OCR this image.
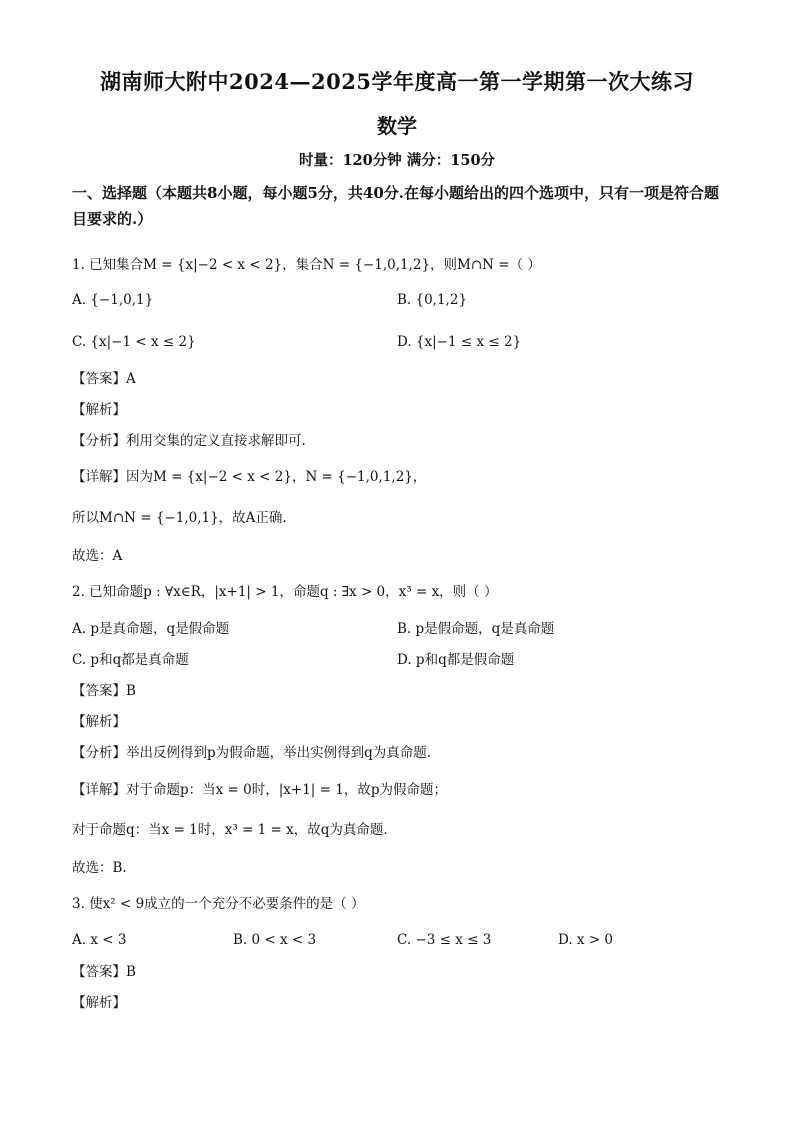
湖南师大附中2024—2025学年度高一第一学期第一次大练习
数学
时量：120分钟 满分：150分
一、选择题（本题共8小题，每小题5分，共40分.在每小题给出的四个选项中，只有一项是符合题目要求的.）
1. 已知集合M = {x|−2 < x < 2}，集合N = {−1,0,1,2}，则M∩N =（ ）
A. {−1,0,1}	B. {0,1,2}
C. {x|−1 < x ≤ 2}	D. {x|−1 ≤ x ≤ 2}
【答案】A
【解析】
【分析】利用交集的定义直接求解即可.
【详解】因为M = {x|−2 < x < 2}，N = {−1,0,1,2}，
所以M∩N = {−1,0,1}，故A正确.
故选：A
2. 已知命题p : ∀x∈R，|x+1| > 1，命题q : ∃x > 0，x³ = x，则（ ）
A. p是真命题，q是假命题	B. p是假命题，q是真命题
C. p和q都是真命题	D. p和q都是假命题
【答案】B
【解析】
【分析】举出反例得到p为假命题，举出实例得到q为真命题.
【详解】对于命题p：当x = 0时，|x+1| = 1，故p为假命题；
对于命题q：当x = 1时，x³ = 1 = x，故q为真命题.
故选：B.
3. 使x² < 9成立的一个充分不必要条件的是（ ）
A. x < 3	B. 0 < x < 3	C. −3 ≤ x ≤ 3	D. x > 0
【答案】B
【解析】
